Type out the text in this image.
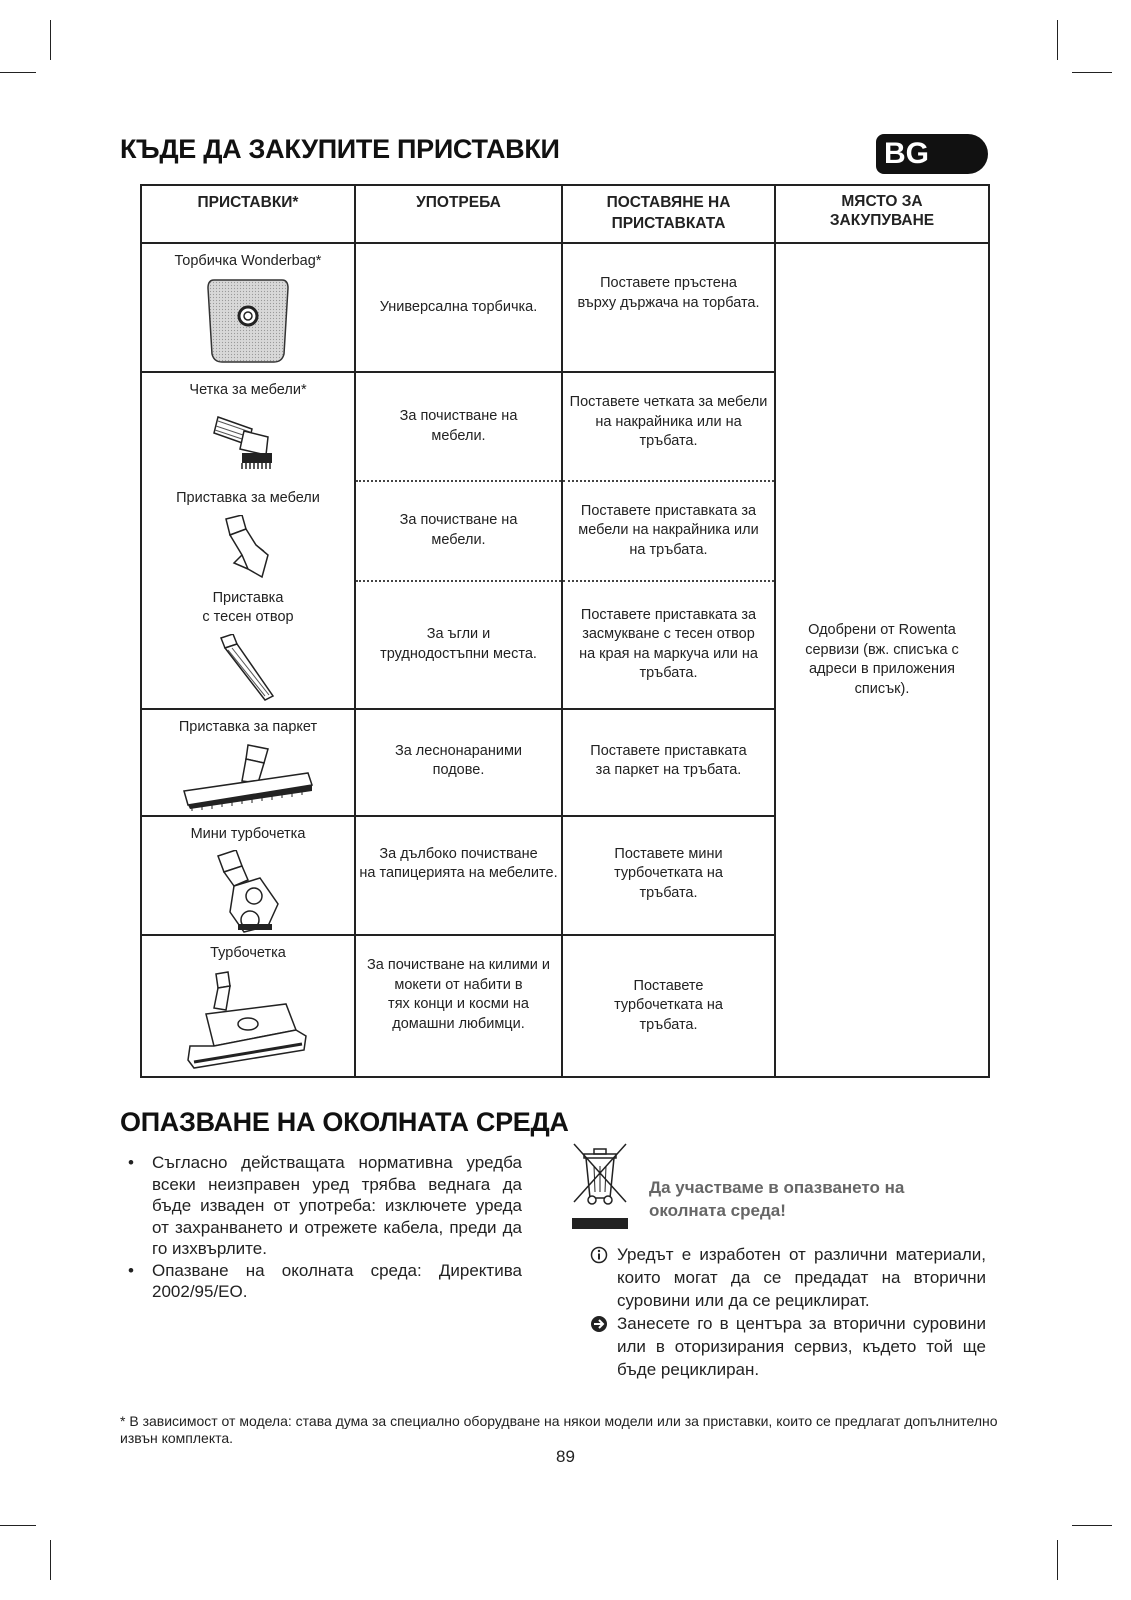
КЪДЕ ДА ЗАКУПИТЕ ПРИСТАВКИ	BG
ПРИСТАВКИ*	УПОТРЕБА	ПОСТАВЯНЕ НА
ПРИСТАВКАТА	МЯСТО ЗА
ЗАКУПУВАНЕ

Торбичка Wonderbag*	Универсална торбичка.	Поставете пръстена
върху държача на торбата.	Одобрени от Rowenta
сервизи (вж. списъка с
адреси в приложения
списък).

Четка за мебели*	За почистване на
мебели.	Поставете четката за мебели
на накрайника или на
тръбата.	

Приставка за мебели	За почистване на
мебели.	Поставете приставката за
мебели на накрайника или
на тръбата.	

Приставка
с тесен отвор	За ъгли и
труднодостъпни места.	Поставете приставката за
засмукване с тесен отвор
на края на маркуча или на
тръбата.	

Приставка за паркет	За леснонараними
подове.	Поставете приставката
за паркет на тръбата.	

Мини турбочетка	За дълбоко почистване
на тапицерията на мебелите.	Поставете мини
турбочетката на
тръбата.	

Турбочетка	За почистване на килими и
мокети от набити в
тях конци и косми на
домашни любимци.	Поставете
турбочетката на
тръбата.	
ОПАЗВАНЕ НА ОКОЛНАТА СРЕДА
• Съгласно действащата нормативна уредба всеки неизправен уред трябва веднага да бъде изваден от употреба: изключете уреда от захранването и отрежете кабела, преди да го изхвърлите.
• Опазване на околната среда: Директива 2002/95/EO.
Да участваме в опазването на околната среда!
Уредът е изработен от различни материали, които могат да се предадат на вторични суровини или да се рециклират.
Занесете го в центъра за вторични суровини или в оторизирания сервиз, където той ще бъде рециклиран.
* В зависимост от модела: става дума за специално оборудване на някои модели или за приставки, които се предлагат допълнително извън комплекта.
89
